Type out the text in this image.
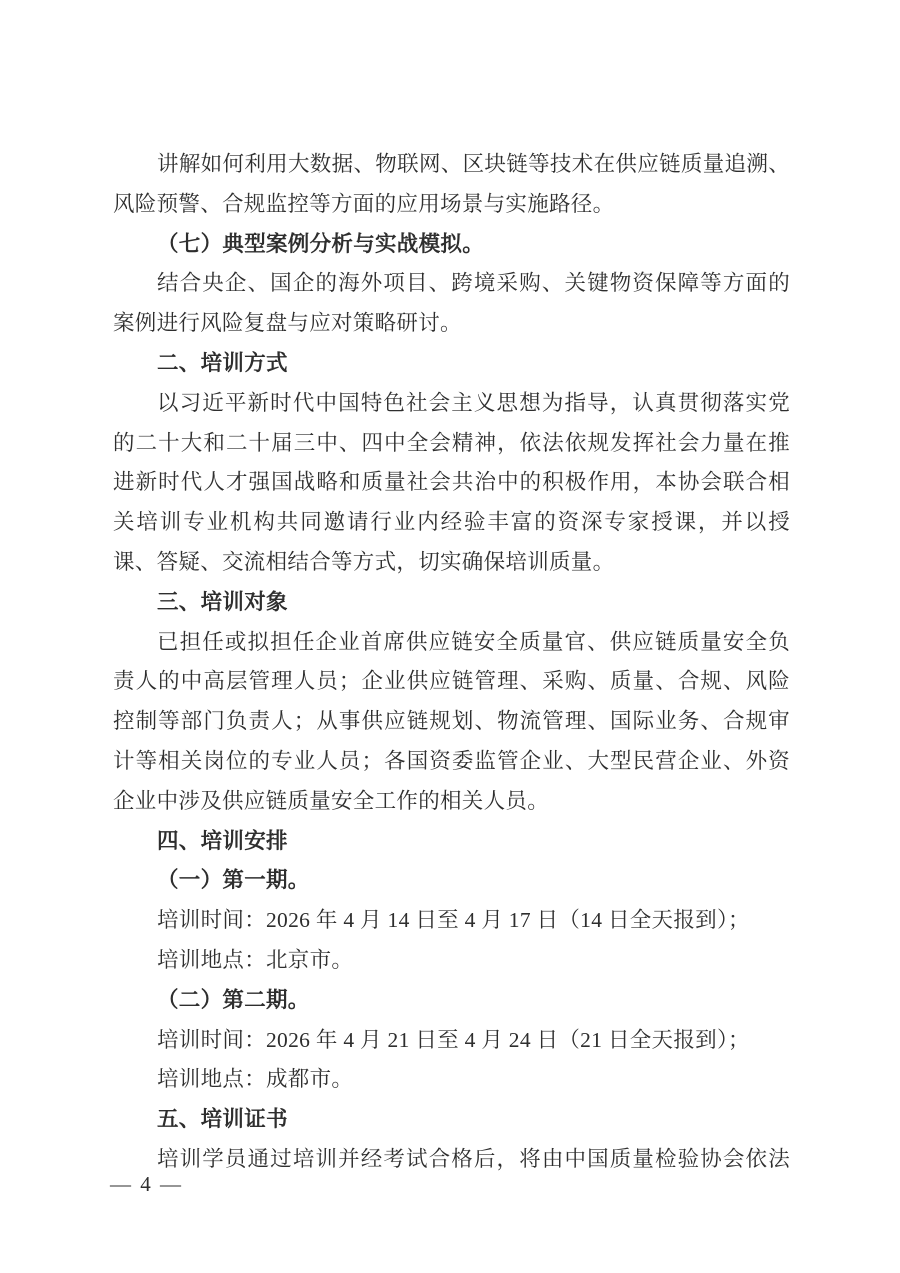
讲解如何利用大数据、物联网、区块链等技术在供应链质量追溯、

风险预警、合规监控等方面的应用场景与实施路径。

（七）典型案例分析与实战模拟。

结合央企、国企的海外项目、跨境采购、关键物资保障等方面的

案例进行风险复盘与应对策略研讨。

二、培训方式

以习近平新时代中国特色社会主义思想为指导，认真贯彻落实党

的二十大和二十届三中、四中全会精神，依法依规发挥社会力量在推

进新时代人才强国战略和质量社会共治中的积极作用，本协会联合相

关培训专业机构共同邀请行业内经验丰富的资深专家授课，并以授

课、答疑、交流相结合等方式，切实确保培训质量。

三、培训对象

已担任或拟担任企业首席供应链安全质量官、供应链质量安全负

责人的中高层管理人员；企业供应链管理、采购、质量、合规、风险

控制等部门负责人；从事供应链规划、物流管理、国际业务、合规审

计等相关岗位的专业人员；各国资委监管企业、大型民营企业、外资

企业中涉及供应链质量安全工作的相关人员。

四、培训安排

（一）第一期。

培训时间：2026 年 4 月 14 日至 4 月 17 日（14 日全天报到）；

培训地点：北京市。

（二）第二期。

培训时间：2026 年 4 月 21 日至 4 月 24 日（21 日全天报到）；

培训地点：成都市。

五、培训证书

培训学员通过培训并经考试合格后，将由中国质量检验协会依法

— 4 —
